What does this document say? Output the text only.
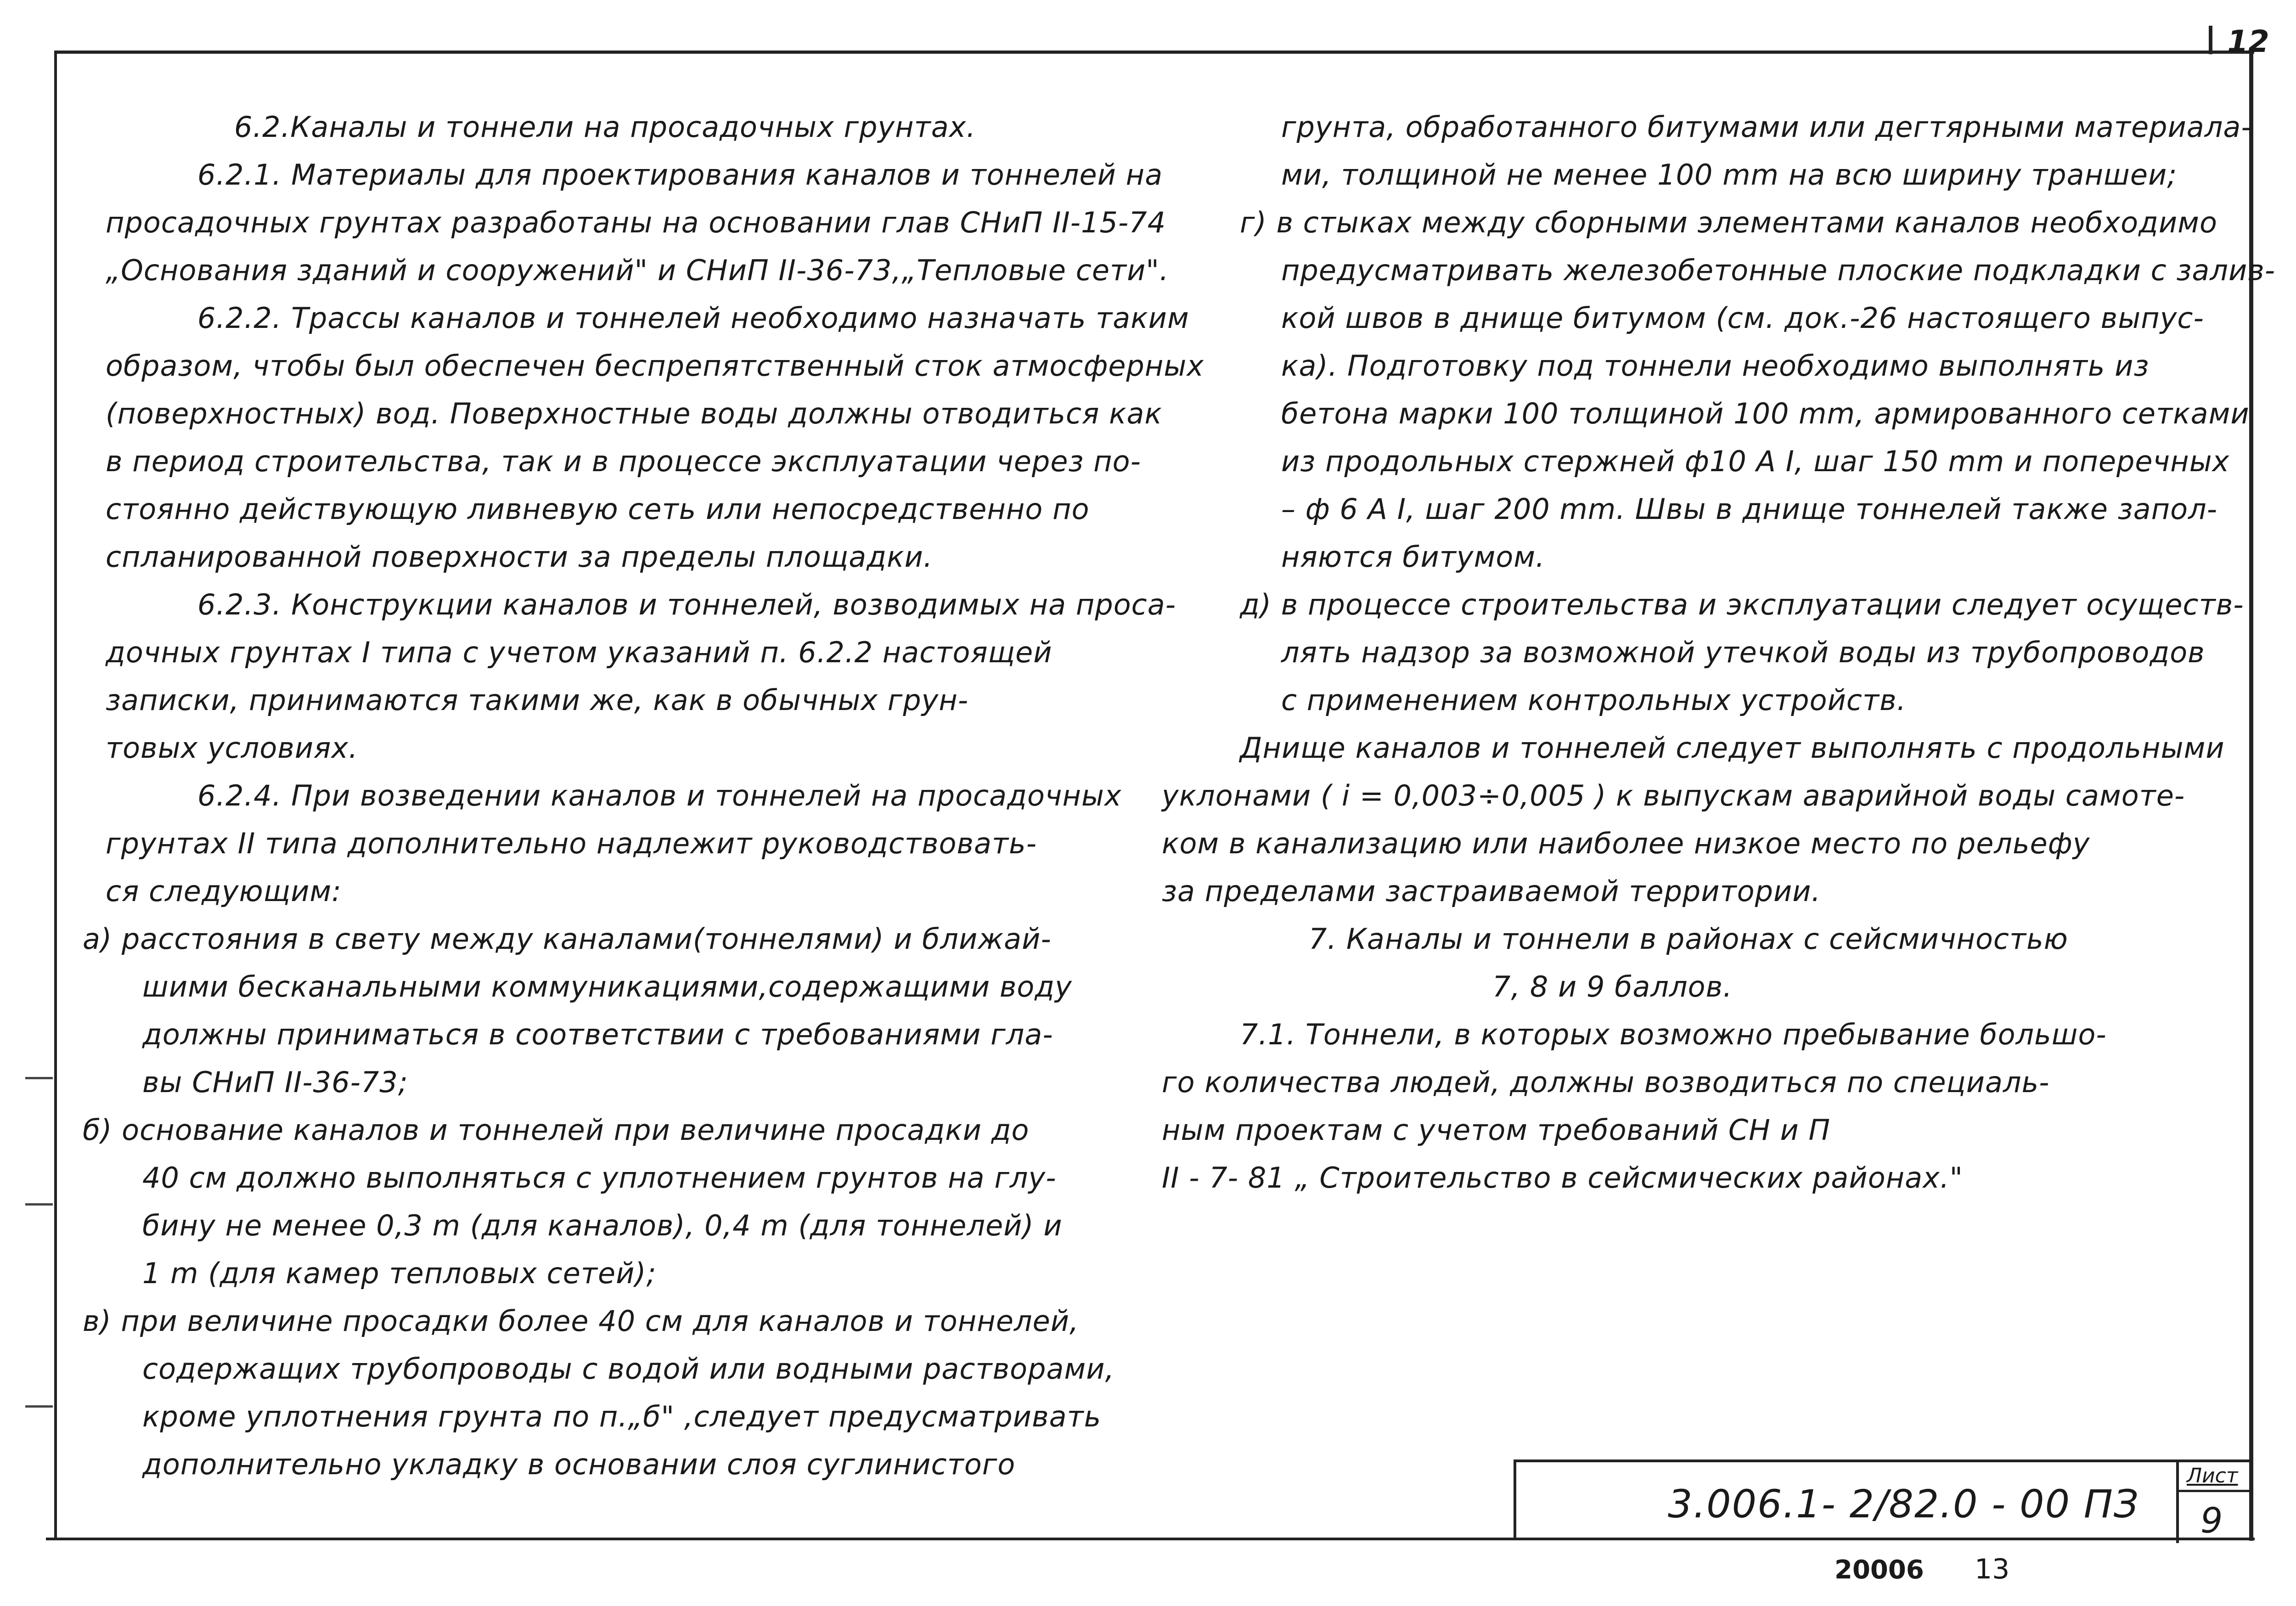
12
6.2.Каналы и тоннели на просадочных грунтах.
6.2.1. Материалы для проектирования каналов и тоннелей на
просадочных грунтах разработаны на основании глав СНиП II-15-74
„Основания зданий и сооружений" и СНиП II-36-73,„Тепловые сети".
6.2.2. Трассы каналов и тоннелей необходимо назначать таким
образом, чтобы был обеспечен беспрепятственный сток атмосферных
(поверхностных) вод. Поверхностные воды должны отводиться как
в период строительства, так и в процессе эксплуатации через по-
стоянно действующую ливневую сеть или непосредственно по
спланированной поверхности за пределы площадки.
6.2.3. Конструкции каналов и тоннелей, возводимых на проса-
дочных грунтах I типа с учетом указаний п. 6.2.2 настоящей
записки, принимаются такими же, как в обычных грун-
товых условиях.
6.2.4. При возведении каналов и тоннелей на просадочных
грунтах II типа дополнительно надлежит руководствовать-
ся следующим:
а) расстояния в свету между каналами(тоннелями) и ближай-
шими бесканальными коммуникациями,содержащими воду
должны приниматься в соответствии с требованиями гла-
вы СНиП II-36-73;
б) основание каналов и тоннелей при величине просадки до
40 см должно выполняться с уплотнением грунтов на глу-
бину не менее 0,3 m (для каналов), 0,4 m (для тоннелей) и
1 m (для камер тепловых сетей);
в) при величине просадки более 40 см для каналов и тоннелей,
содержащих трубопроводы с водой или водными растворами,
кроме уплотнения грунта по п.„б" ,следует предусматривать
дополнительно укладку в основании слоя суглинистого
грунта, обработанного битумами или дегтярными материала-
ми, толщиной не менее 100 mm на всю ширину траншеи;
г) в стыках между сборными элементами каналов необходимо
предусматривать железобетонные плоские подкладки с залив-
кой швов в днище битумом (см. док.-26 настоящего выпус-
ка). Подготовку под тоннели необходимо выполнять из
бетона марки 100 толщиной 100 mm, армированного сетками
из продольных стержней ф10 А I, шаг 150 mm и поперечных
– ф 6 А I, шаг 200 mm. Швы в днище тоннелей также запол-
няются битумом.
д) в процессе строительства и эксплуатации следует осуществ-
лять надзор за возможной утечкой воды из трубопроводов
с применением контрольных устройств.
Днище каналов и тоннелей следует выполнять с продольными
уклонами ( i = 0,003÷0,005 ) к выпускам аварийной воды самоте-
ком в канализацию или наиболее низкое место по рельефу
за пределами застраиваемой территории.
7. Каналы и тоннели в районах с сейсмичностью
7, 8 и 9 баллов.
7.1. Тоннели, в которых возможно пребывание большо-
го количества людей, должны возводиться по специаль-
ным проектам с учетом требований СН и П
II - 7- 81 „ Строительство в сейсмических районах."
3.006.1- 2/82.0 - 00 ПЗ
Лист
9
20006 13
